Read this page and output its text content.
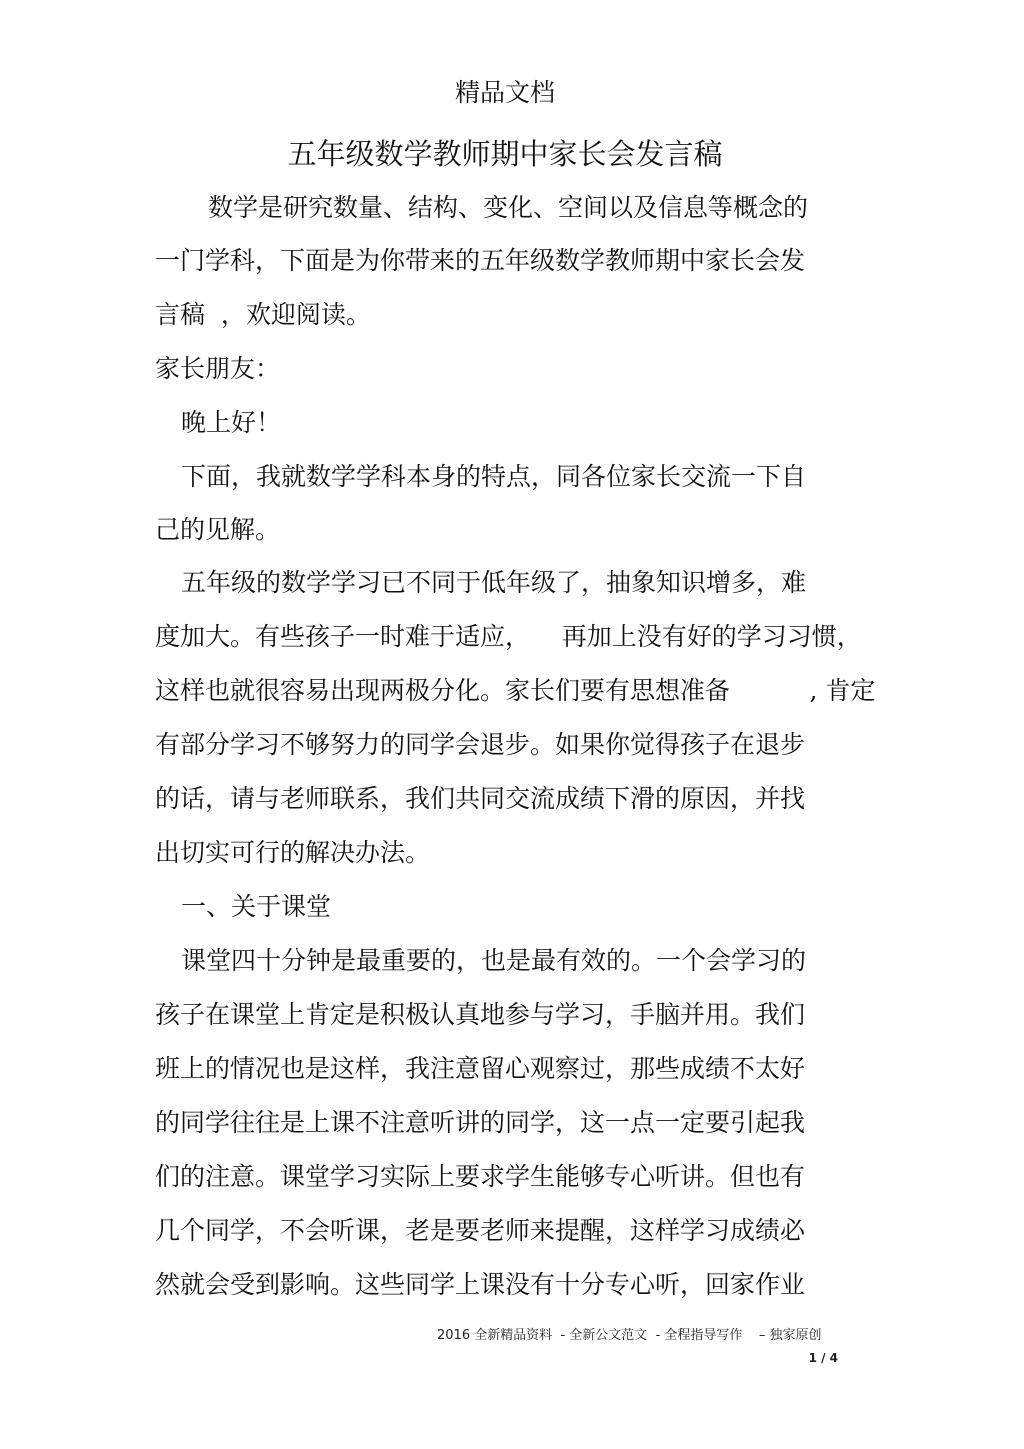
精品文档
五年级数学教师期中家长会发言稿
数学是研究数量、结构、变化、空间以及信息等概念的
一门学科，下面是为你带来的五年级数学教师期中家长会发
言稿  ，欢迎阅读。
家长朋友：
晚上好！
下面，我就数学学科本身的特点，同各位家长交流一下自
己的见解。
五年级的数学学习已不同于低年级了，抽象知识增多，难
度加大。有些孩子一时难于适应，    再加上没有好的学习习惯，
这样也就很容易出现两极分化。家长们要有思想准备          , 肯定
有部分学习不够努力的同学会退步。如果你觉得孩子在退步
的话，请与老师联系，我们共同交流成绩下滑的原因，并找
出切实可行的解决办法。
一、关于课堂
课堂四十分钟是最重要的，也是最有效的。一个会学习的
孩子在课堂上肯定是积极认真地参与学习，手脑并用。我们
班上的情况也是这样，我注意留心观察过，那些成绩不太好
的同学往往是上课不注意听讲的同学，这一点一定要引起我
们的注意。课堂学习实际上要求学生能够专心听讲。但也有
几个同学，不会听课，老是要老师来提醒，这样学习成绩必
然就会受到影响。这些同学上课没有十分专心听，回家作业
2016 全新精品资料  - 全新公文范文  - 全程指导写作    – 独家原创
1 / 4
